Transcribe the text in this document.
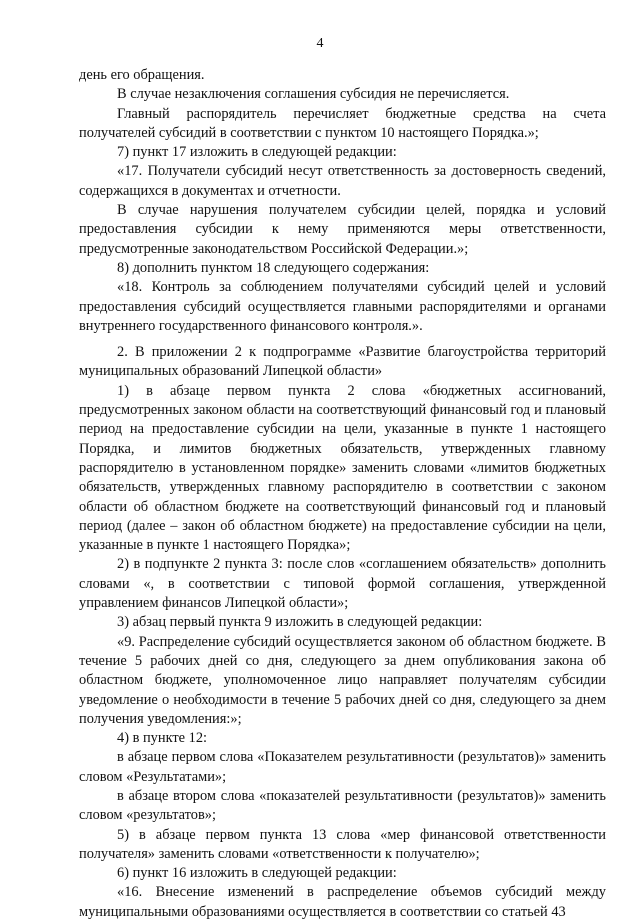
4

день его обращения.

В случае незаключения соглашения субсидия не перечисляется.

Главный распорядитель перечисляет бюджетные средства на счета получателей субсидий в соответствии с пунктом 10 настоящего Порядка.»;

7) пункт 17 изложить в следующей редакции:

«17. Получатели субсидий несут ответственность за достоверность сведений, содержащихся в документах и отчетности.

В случае нарушения получателем субсидии целей, порядка и условий предоставления субсидии к нему применяются меры ответственности, предусмотренные законодательством Российской Федерации.»;

8) дополнить пунктом 18 следующего содержания:

«18. Контроль за соблюдением получателями субсидий целей и условий предоставления субсидий осуществляется главными распорядителями и органами внутреннего государственного финансового контроля.».

2. В приложении 2 к подпрограмме «Развитие благоустройства территорий муниципальных образований Липецкой области»

1) в абзаце первом пункта 2 слова «бюджетных ассигнований, предусмотренных законом области на соответствующий финансовый год и плановый период на предоставление субсидии на цели, указанные в пункте 1 настоящего Порядка, и лимитов бюджетных обязательств, утвержденных главному распорядителю в установленном порядке» заменить словами «лимитов бюджетных обязательств, утвержденных главному распорядителю в соответствии с законом области об областном бюджете на соответствующий финансовый год и плановый период (далее – закон об областном бюджете) на предоставление субсидии на цели, указанные в пункте 1 настоящего Порядка»;

2) в подпункте 2 пункта 3: после слов «соглашением обязательств» дополнить словами «, в соответствии с типовой формой соглашения, утвержденной управлением финансов Липецкой области»;

3) абзац первый пункта 9 изложить в следующей редакции:

«9. Распределение субсидий осуществляется законом об областном бюджете. В течение 5 рабочих дней со дня, следующего за днем опубликования закона об областном бюджете, уполномоченное лицо направляет получателям субсидии уведомление о необходимости в течение 5 рабочих дней со дня, следующего за днем получения уведомления:»;

4) в пункте 12:

в абзаце первом слова «Показателем результативности (результатов)» заменить словом «Результатами»;

в абзаце втором слова «показателей результативности (результатов)» заменить словом «результатов»;

5) в абзаце первом пункта 13 слова «мер финансовой ответственности получателя» заменить словами «ответственности к получателю»;

6) пункт 16 изложить в следующей редакции:

«16. Внесение изменений в распределение объемов субсидий между муниципальными образованиями осуществляется в соответствии со статьей 43
